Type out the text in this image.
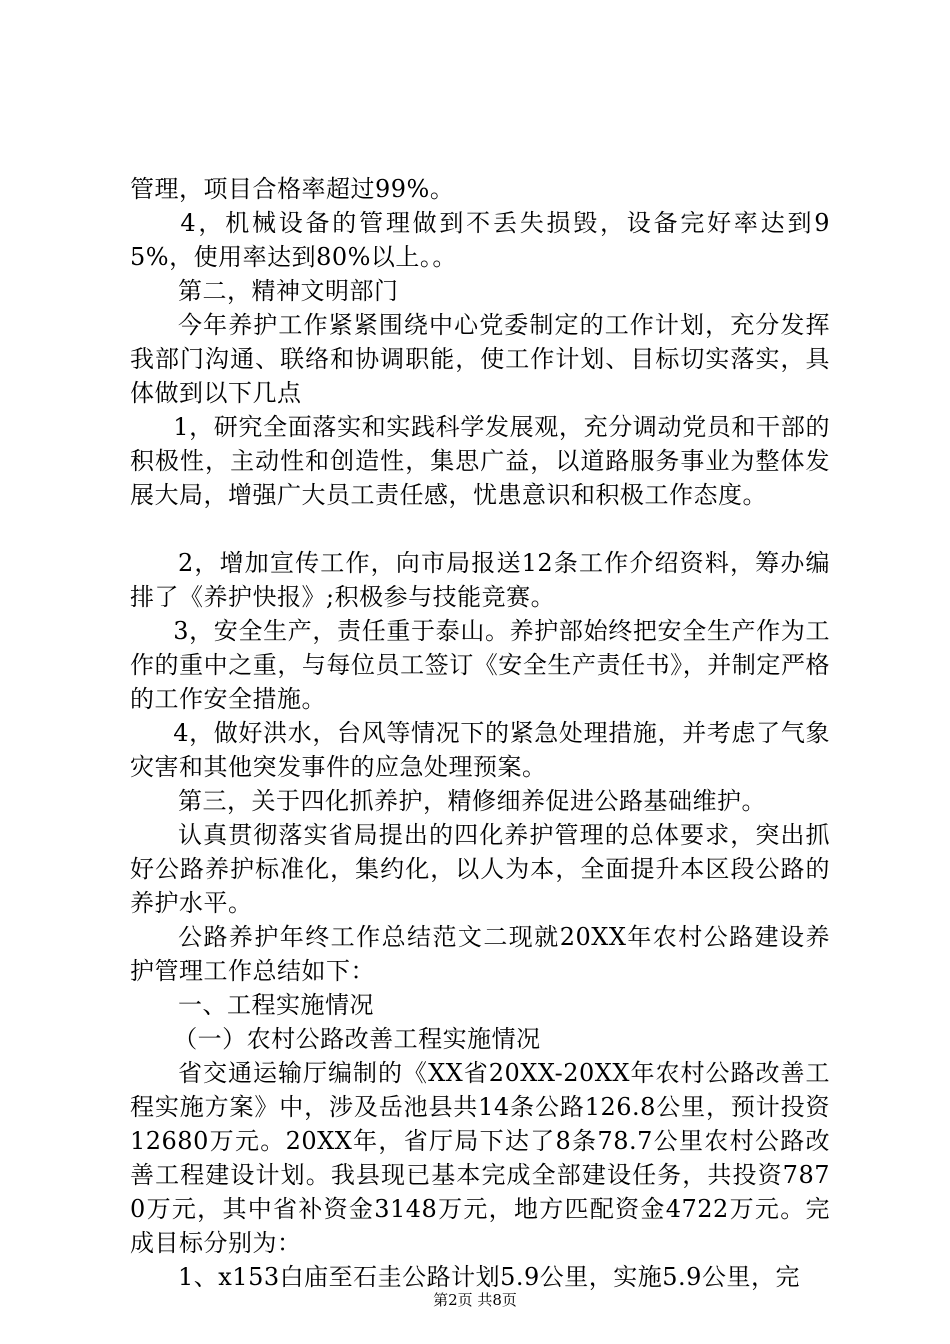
管理，项目合格率超过99%。

4，机械设备的管理做到不丢失损毁，设备完好率达到95%，使用率达到80%以上。。

第二，精神文明部门

今年养护工作紧紧围绕中心党委制定的工作计划，充分发挥我部门沟通、联络和协调职能，使工作计划、目标切实落实，具体做到以下几点

1，研究全面落实和实践科学发展观，充分调动党员和干部的积极性，主动性和创造性，集思广益，以道路服务事业为整体发展大局，增强广大员工责任感，忧患意识和积极工作态度。

2，增加宣传工作，向市局报送12条工作介绍资料，筹办编排了《养护快报》;积极参与技能竞赛。

3，安全生产，责任重于泰山。养护部始终把安全生产作为工作的重中之重，与每位员工签订《安全生产责任书》，并制定严格的工作安全措施。

4，做好洪水，台风等情况下的紧急处理措施，并考虑了气象灾害和其他突发事件的应急处理预案。

第三，关于四化抓养护，精修细养促进公路基础维护。

认真贯彻落实省局提出的四化养护管理的总体要求，突出抓好公路养护标准化，集约化，以人为本，全面提升本区段公路的养护水平。

公路养护年终工作总结范文二现就20XX年农村公路建设养护管理工作总结如下：

一、工程实施情况

（一）农村公路改善工程实施情况

省交通运输厅编制的《XX省20XX-20XX年农村公路改善工程实施方案》中，涉及岳池县共14条公路126.8公里，预计投资12680万元。20XX年，省厅局下达了8条78.7公里农村公路改善工程建设计划。我县现已基本完成全部建设任务，共投资7870万元，其中省补资金3148万元，地方匹配资金4722万元。完成目标分别为：

1、x153白庙至石圭公路计划5.9公里，实施5.9公里，完

第2页 共8页
